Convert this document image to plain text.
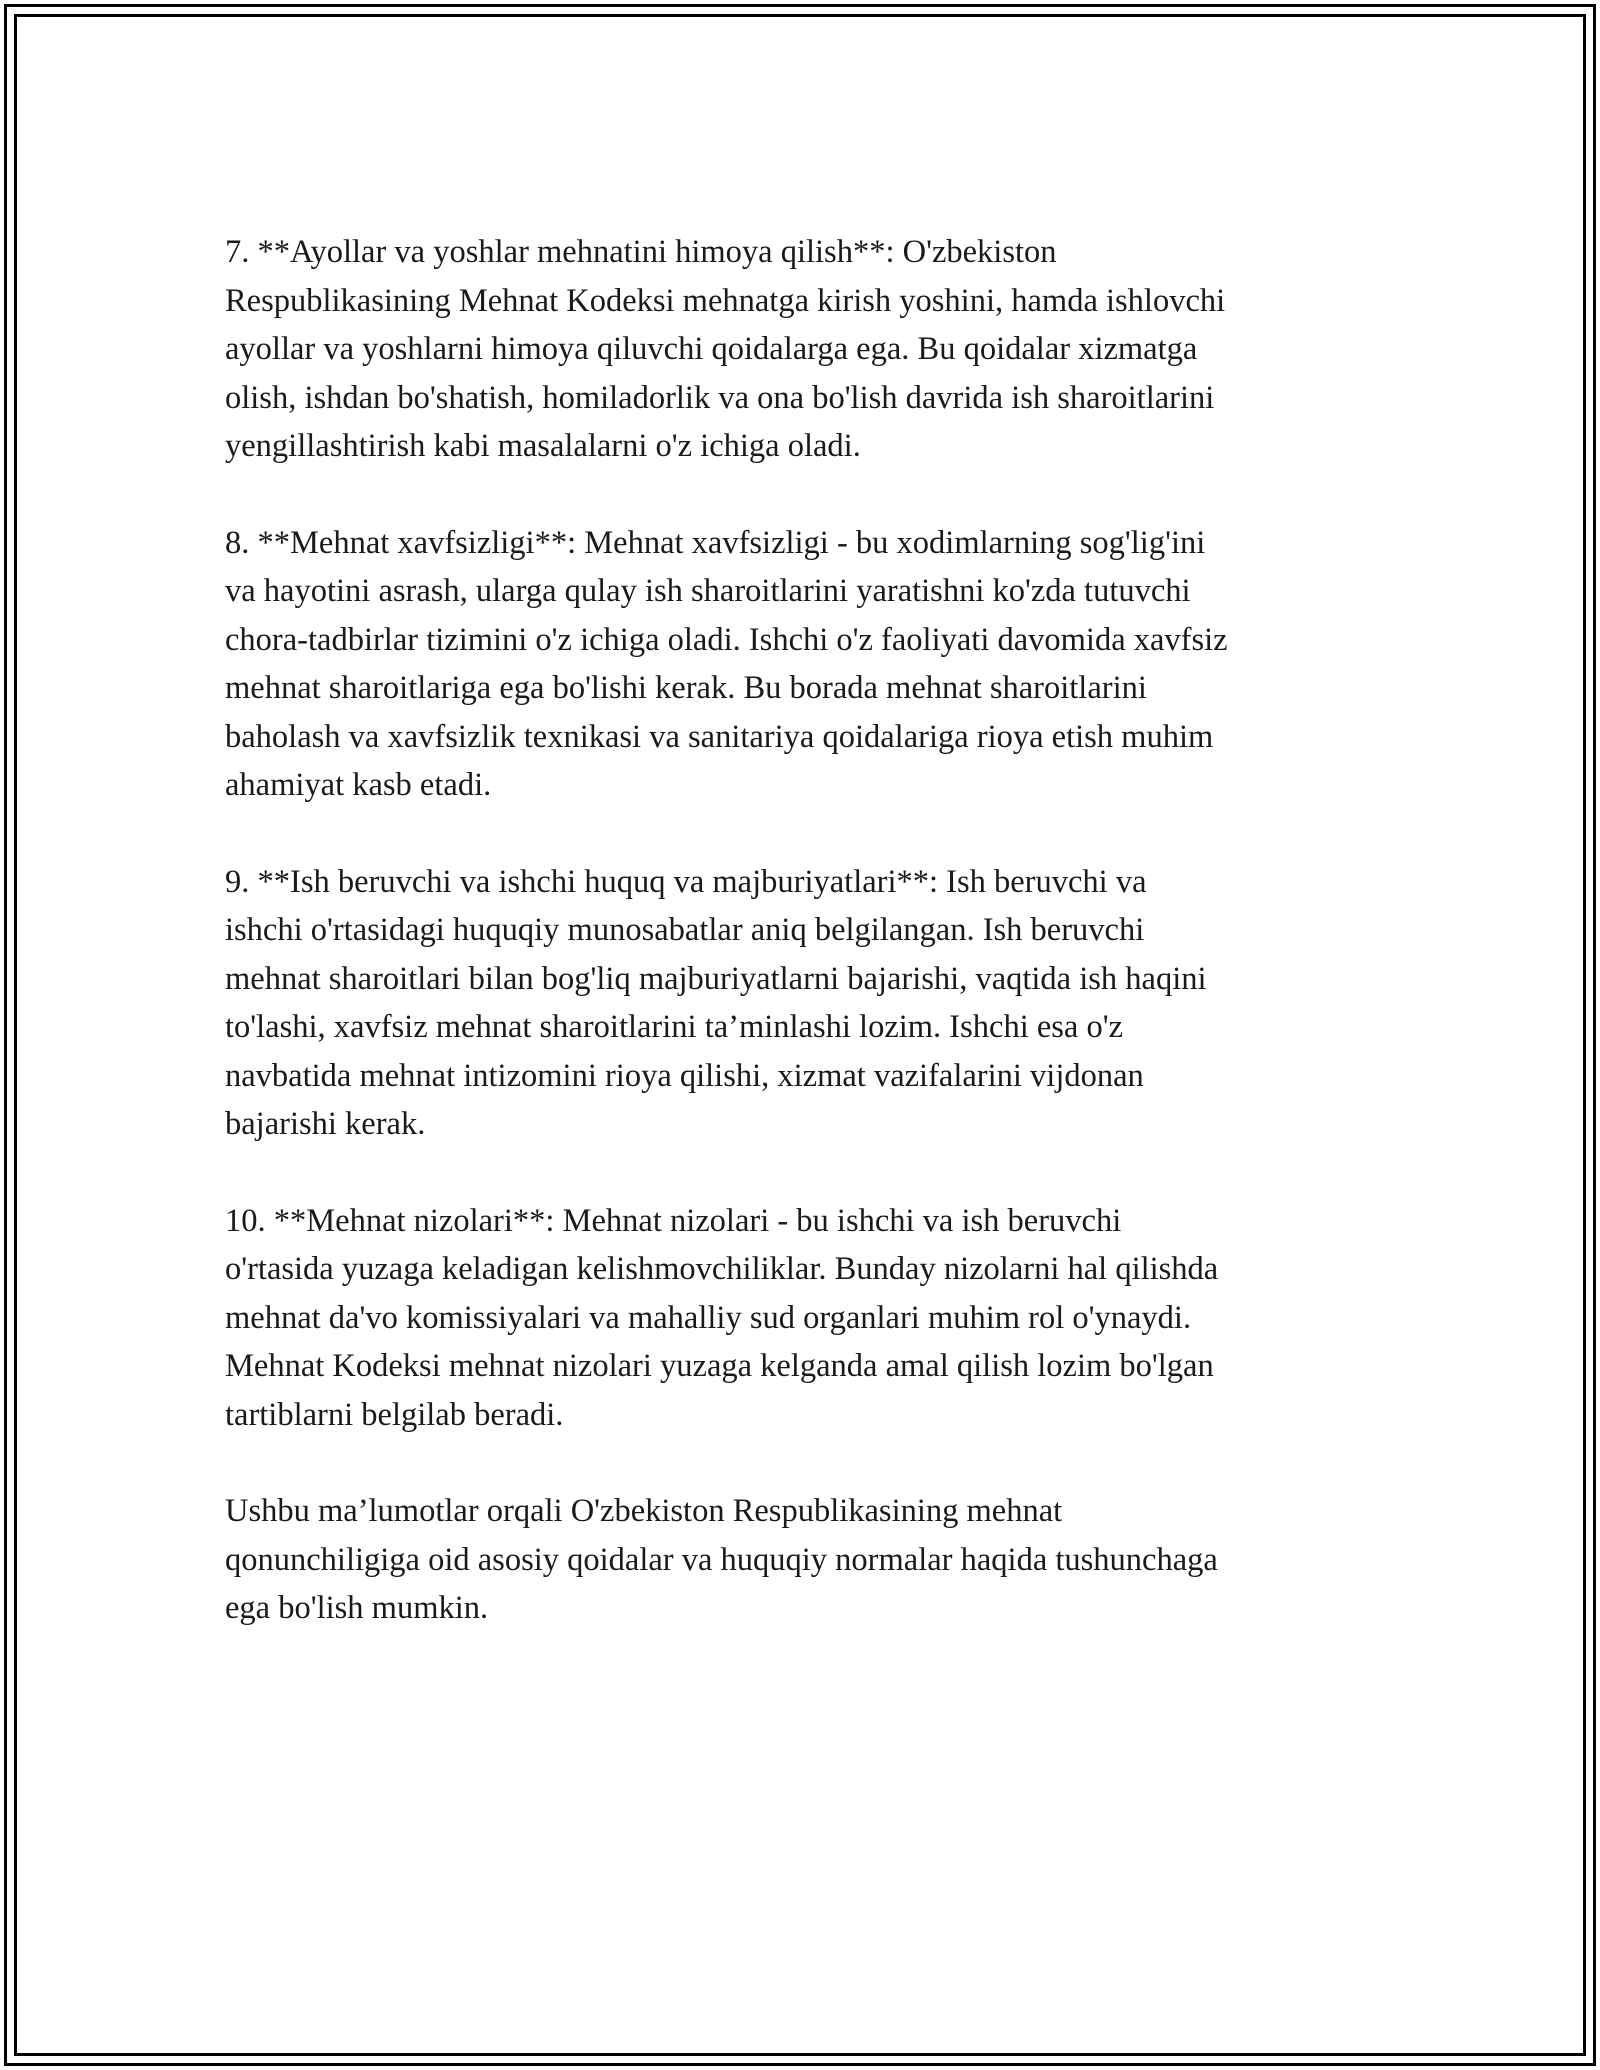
7. **Ayollar va yoshlar mehnatini himoya qilish**: O'zbekiston
Respublikasining Mehnat Kodeksi mehnatga kirish yoshini, hamda ishlovchi
ayollar va yoshlarni himoya qiluvchi qoidalarga ega. Bu qoidalar xizmatga
olish, ishdan bo'shatish, homiladorlik va ona bo'lish davrida ish sharoitlarini
yengillashtirish kabi masalalarni o'z ichiga oladi.

8. **Mehnat xavfsizligi**: Mehnat xavfsizligi - bu xodimlarning sog'lig'ini
va hayotini asrash, ularga qulay ish sharoitlarini yaratishni ko'zda tutuvchi
chora-tadbirlar tizimini o'z ichiga oladi. Ishchi o'z faoliyati davomida xavfsiz
mehnat sharoitlariga ega bo'lishi kerak. Bu borada mehnat sharoitlarini
baholash va xavfsizlik texnikasi va sanitariya qoidalariga rioya etish muhim
ahamiyat kasb etadi.

9. **Ish beruvchi va ishchi huquq va majburiyatlari**: Ish beruvchi va
ishchi o'rtasidagi huquqiy munosabatlar aniq belgilangan. Ish beruvchi
mehnat sharoitlari bilan bog'liq majburiyatlarni bajarishi, vaqtida ish haqini
to'lashi, xavfsiz mehnat sharoitlarini ta’minlashi lozim. Ishchi esa o'z
navbatida mehnat intizomini rioya qilishi, xizmat vazifalarini vijdonan
bajarishi kerak.

10. **Mehnat nizolari**: Mehnat nizolari - bu ishchi va ish beruvchi
o'rtasida yuzaga keladigan kelishmovchiliklar. Bunday nizolarni hal qilishda
mehnat da'vo komissiyalari va mahalliy sud organlari muhim rol o'ynaydi.
Mehnat Kodeksi mehnat nizolari yuzaga kelganda amal qilish lozim bo'lgan
tartiblarni belgilab beradi.

Ushbu ma’lumotlar orqali O'zbekiston Respublikasining mehnat
qonunchiligiga oid asosiy qoidalar va huquqiy normalar haqida tushunchaga
ega bo'lish mumkin.
